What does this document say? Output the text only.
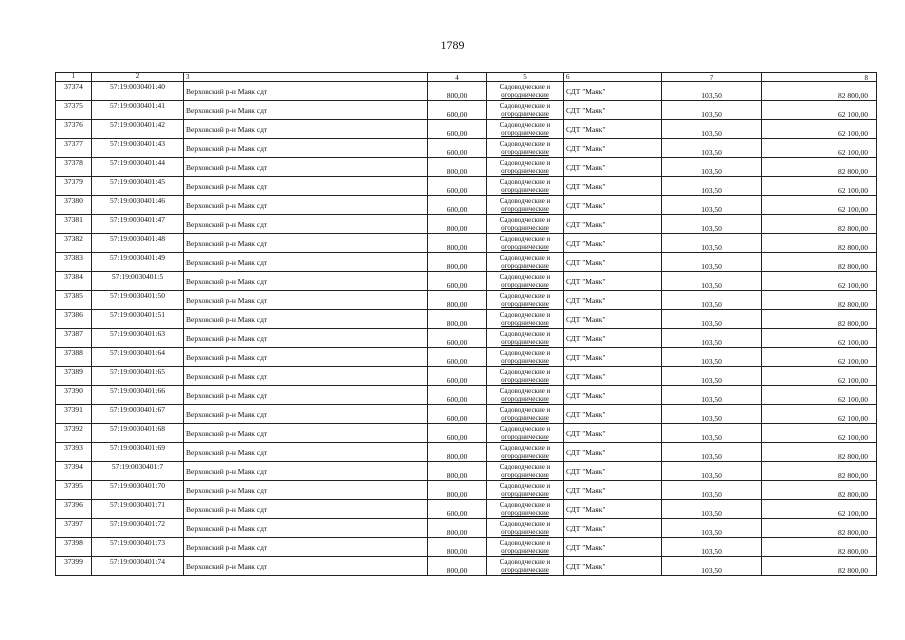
1789
1	2	3	4	5	6	7	8
37374	57:19:0030401:40	Верховский р-н Маяк сдт	800,00	Садоводческие и
огороднические	СДТ "Маяк"	103,50	82 800,00
37375	57:19:0030401:41	Верховский р-н Маяк сдт	600,00	Садоводческие и
огороднические	СДТ "Маяк"	103,50	62 100,00
37376	57:19:0030401:42	Верховский р-н Маяк сдт	600,00	Садоводческие и
огороднические	СДТ "Маяк"	103,50	62 100,00
37377	57:19:0030401:43	Верховский р-н Маяк сдт	600,00	Садоводческие и
огороднические	СДТ "Маяк"	103,50	62 100,00
37378	57:19:0030401:44	Верховский р-н Маяк сдт	800,00	Садоводческие и
огороднические	СДТ "Маяк"	103,50	82 800,00
37379	57:19:0030401:45	Верховский р-н Маяк сдт	600,00	Садоводческие и
огороднические	СДТ "Маяк"	103,50	62 100,00
37380	57:19:0030401:46	Верховский р-н Маяк сдт	600,00	Садоводческие и
огороднические	СДТ "Маяк"	103,50	62 100,00
37381	57:19:0030401:47	Верховский р-н Маяк сдт	800,00	Садоводческие и
огороднические	СДТ "Маяк"	103,50	82 800,00
37382	57:19:0030401:48	Верховский р-н Маяк сдт	800,00	Садоводческие и
огороднические	СДТ "Маяк"	103,50	82 800,00
37383	57:19:0030401:49	Верховский р-н Маяк сдт	800,00	Садоводческие и
огороднические	СДТ "Маяк"	103,50	82 800,00
37384	57:19:0030401:5	Верховский р-н Маяк сдт	600,00	Садоводческие и
огороднические	СДТ "Маяк"	103,50	62 100,00
37385	57:19:0030401:50	Верховский р-н Маяк сдт	800,00	Садоводческие и
огороднические	СДТ "Маяк"	103,50	82 800,00
37386	57:19:0030401:51	Верховский р-н Маяк сдт	800,00	Садоводческие и
огороднические	СДТ "Маяк"	103,50	82 800,00
37387	57:19:0030401:63	Верховский р-н Маяк сдт	600,00	Садоводческие и
огороднические	СДТ "Маяк"	103,50	62 100,00
37388	57:19:0030401:64	Верховский р-н Маяк сдт	600,00	Садоводческие и
огороднические	СДТ "Маяк"	103,50	62 100,00
37389	57:19:0030401:65	Верховский р-н Маяк сдт	600,00	Садоводческие и
огороднические	СДТ "Маяк"	103,50	62 100,00
37390	57:19:0030401:66	Верховский р-н Маяк сдт	600,00	Садоводческие и
огороднические	СДТ "Маяк"	103,50	62 100,00
37391	57:19:0030401:67	Верховский р-н Маяк сдт	600,00	Садоводческие и
огороднические	СДТ "Маяк"	103,50	62 100,00
37392	57:19:0030401:68	Верховский р-н Маяк сдт	600,00	Садоводческие и
огороднические	СДТ "Маяк"	103,50	62 100,00
37393	57:19:0030401:69	Верховский р-н Маяк сдт	800,00	Садоводческие и
огороднические	СДТ "Маяк"	103,50	82 800,00
37394	57:19:0030401:7	Верховский р-н Маяк сдт	800,00	Садоводческие и
огороднические	СДТ "Маяк"	103,50	82 800,00
37395	57:19:0030401:70	Верховский р-н Маяк сдт	800,00	Садоводческие и
огороднические	СДТ "Маяк"	103,50	82 800,00
37396	57:19:0030401:71	Верховский р-н Маяк сдт	600,00	Садоводческие и
огороднические	СДТ "Маяк"	103,50	62 100,00
37397	57:19:0030401:72	Верховский р-н Маяк сдт	800,00	Садоводческие и
огороднические	СДТ "Маяк"	103,50	82 800,00
37398	57:19:0030401:73	Верховский р-н Маяк сдт	800,00	Садоводческие и
огороднические	СДТ "Маяк"	103,50	82 800,00
37399	57:19:0030401:74	Верховский р-н Маяк сдт	800,00	Садоводческие и
огороднические	СДТ "Маяк"	103,50	82 800,00
